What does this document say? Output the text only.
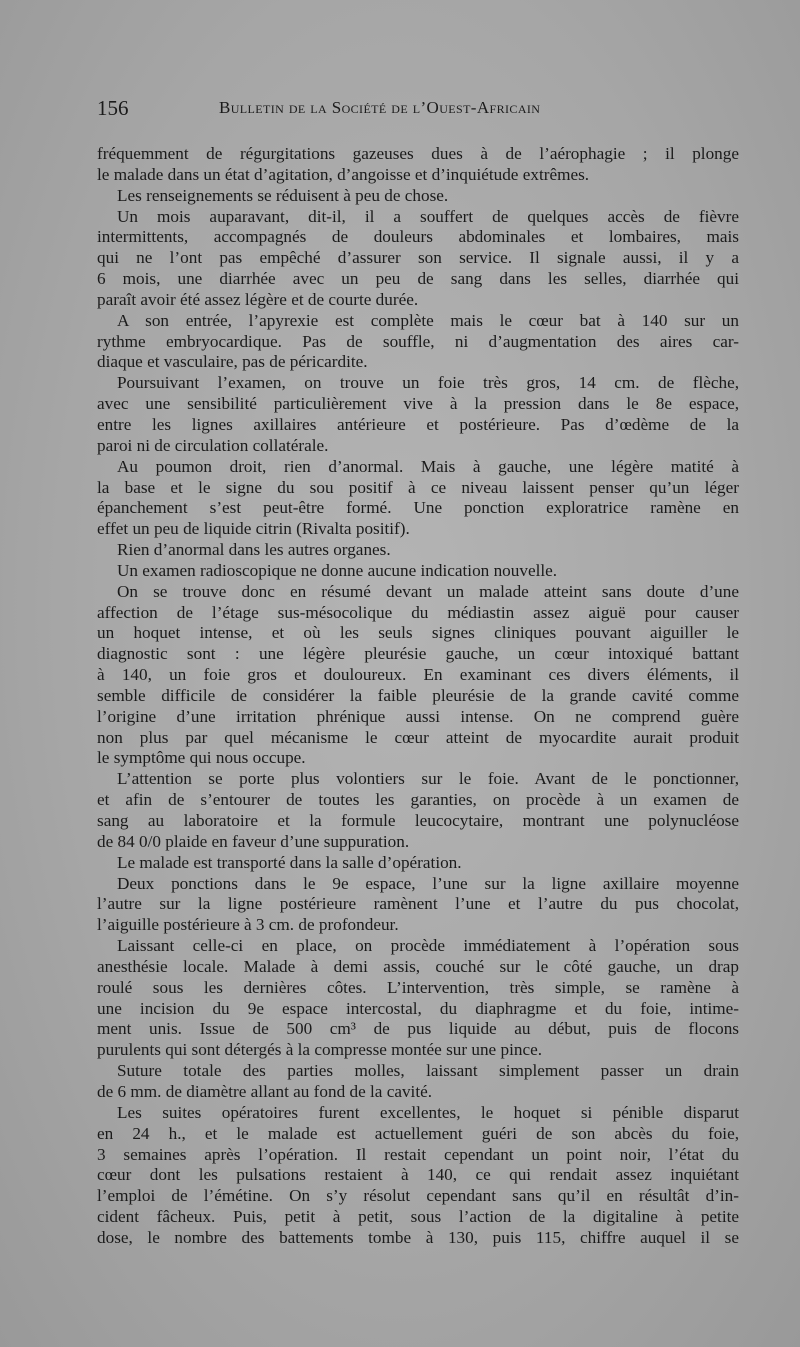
156	Bulletin de la Société de l’Ouest-Africain
fréquemment de régurgitations gazeuses dues à de l’aérophagie ; il plonge
le malade dans un état d’agitation, d’angoisse et d’inquiétude extrêmes.
Les renseignements se réduisent à peu de chose.
Un mois auparavant, dit-il, il a souffert de quelques accès de fièvre
intermittents, accompagnés de douleurs abdominales et lombaires, mais
qui ne l’ont pas empêché d’assurer son service. Il signale aussi, il y a
6 mois, une diarrhée avec un peu de sang dans les selles, diarrhée qui
paraît avoir été assez légère et de courte durée.
A son entrée, l’apyrexie est complète mais le cœur bat à 140 sur un
rythme embryocardique. Pas de souffle, ni d’augmentation des aires car-
diaque et vasculaire, pas de péricardite.
Poursuivant l’examen, on trouve un foie très gros, 14 cm. de flèche,
avec une sensibilité particulièrement vive à la pression dans le 8e espace,
entre les lignes axillaires antérieure et postérieure. Pas d’œdème de la
paroi ni de circulation collatérale.
Au poumon droit, rien d’anormal. Mais à gauche, une légère matité à
la base et le signe du sou positif à ce niveau laissent penser qu’un léger
épanchement s’est peut-être formé. Une ponction exploratrice ramène en
effet un peu de liquide citrin (Rivalta positif).
Rien d’anormal dans les autres organes.
Un examen radioscopique ne donne aucune indication nouvelle.
On se trouve donc en résumé devant un malade atteint sans doute d’une
affection de l’étage sus-mésocolique du médiastin assez aiguë pour causer
un hoquet intense, et où les seuls signes cliniques pouvant aiguiller le
diagnostic sont : une légère pleurésie gauche, un cœur intoxiqué battant
à 140, un foie gros et douloureux. En examinant ces divers éléments, il
semble difficile de considérer la faible pleurésie de la grande cavité comme
l’origine d’une irritation phrénique aussi intense. On ne comprend guère
non plus par quel mécanisme le cœur atteint de myocardite aurait produit
le symptôme qui nous occupe.
L’attention se porte plus volontiers sur le foie. Avant de le ponctionner,
et afin de s’entourer de toutes les garanties, on procède à un examen de
sang au laboratoire et la formule leucocytaire, montrant une polynucléose
de 84 0/0 plaide en faveur d’une suppuration.
Le malade est transporté dans la salle d’opération.
Deux ponctions dans le 9e espace, l’une sur la ligne axillaire moyenne
l’autre sur la ligne postérieure ramènent l’une et l’autre du pus chocolat,
l’aiguille postérieure à 3 cm. de profondeur.
Laissant celle-ci en place, on procède immédiatement à l’opération sous
anesthésie locale. Malade à demi assis, couché sur le côté gauche, un drap
roulé sous les dernières côtes. L’intervention, très simple, se ramène à
une incision du 9e espace intercostal, du diaphragme et du foie, intime-
ment unis. Issue de 500 cm³ de pus liquide au début, puis de flocons
purulents qui sont détergés à la compresse montée sur une pince.
Suture totale des parties molles, laissant simplement passer un drain
de 6 mm. de diamètre allant au fond de la cavité.
Les suites opératoires furent excellentes, le hoquet si pénible disparut
en 24 h., et le malade est actuellement guéri de son abcès du foie,
3 semaines après l’opération. Il restait cependant un point noir, l’état du
cœur dont les pulsations restaient à 140, ce qui rendait assez inquiétant
l’emploi de l’émétine. On s’y résolut cependant sans qu’il en résultât d’in-
cident fâcheux. Puis, petit à petit, sous l’action de la digitaline à petite
dose, le nombre des battements tombe à 130, puis 115, chiffre auquel il se
